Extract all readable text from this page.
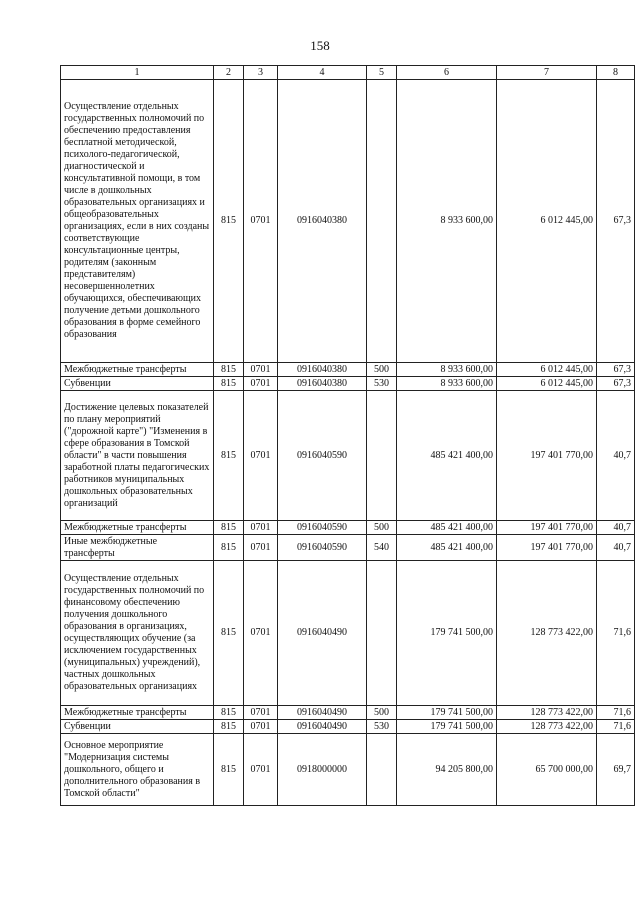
158
1	2	3	4	5	6	7	8
Осуществление отдельных государственных полномочий по обеспечению предоставления бесплатной методической, психолого-педагогической, диагностической и консультативной помощи, в том числе в дошкольных образовательных организациях и общеобразовательных организациях, если в них созданы соответствующие консультационные центры, родителям (законным представителям) несовершеннолетних обучающихся, обеспечивающих получение детьми дошкольного образования в форме семейного образования	815	0701	0916040380		8 933 600,00	6 012 445,00	67,3
Межбюджетные трансферты	815	0701	0916040380	500	8 933 600,00	6 012 445,00	67,3
Субвенции	815	0701	0916040380	530	8 933 600,00	6 012 445,00	67,3
Достижение целевых показателей по плану мероприятий ("дорожной карте") "Изменения в сфере образования в Томской области" в части повышения заработной платы педагогических работников муниципальных дошкольных образовательных организаций	815	0701	0916040590		485 421 400,00	197 401 770,00	40,7
Межбюджетные трансферты	815	0701	0916040590	500	485 421 400,00	197 401 770,00	40,7
Иные межбюджетные трансферты	815	0701	0916040590	540	485 421 400,00	197 401 770,00	40,7
Осуществление отдельных государственных полномочий по финансовому обеспечению получения дошкольного образования в организациях, осуществляющих обучение (за исключением государственных (муниципальных) учреждений), частных дошкольных образовательных организациях	815	0701	0916040490		179 741 500,00	128 773 422,00	71,6
Межбюджетные трансферты	815	0701	0916040490	500	179 741 500,00	128 773 422,00	71,6
Субвенции	815	0701	0916040490	530	179 741 500,00	128 773 422,00	71,6
Основное мероприятие "Модернизация системы дошкольного, общего и дополнительного образования в Томской области"	815	0701	0918000000		94 205 800,00	65 700 000,00	69,7
